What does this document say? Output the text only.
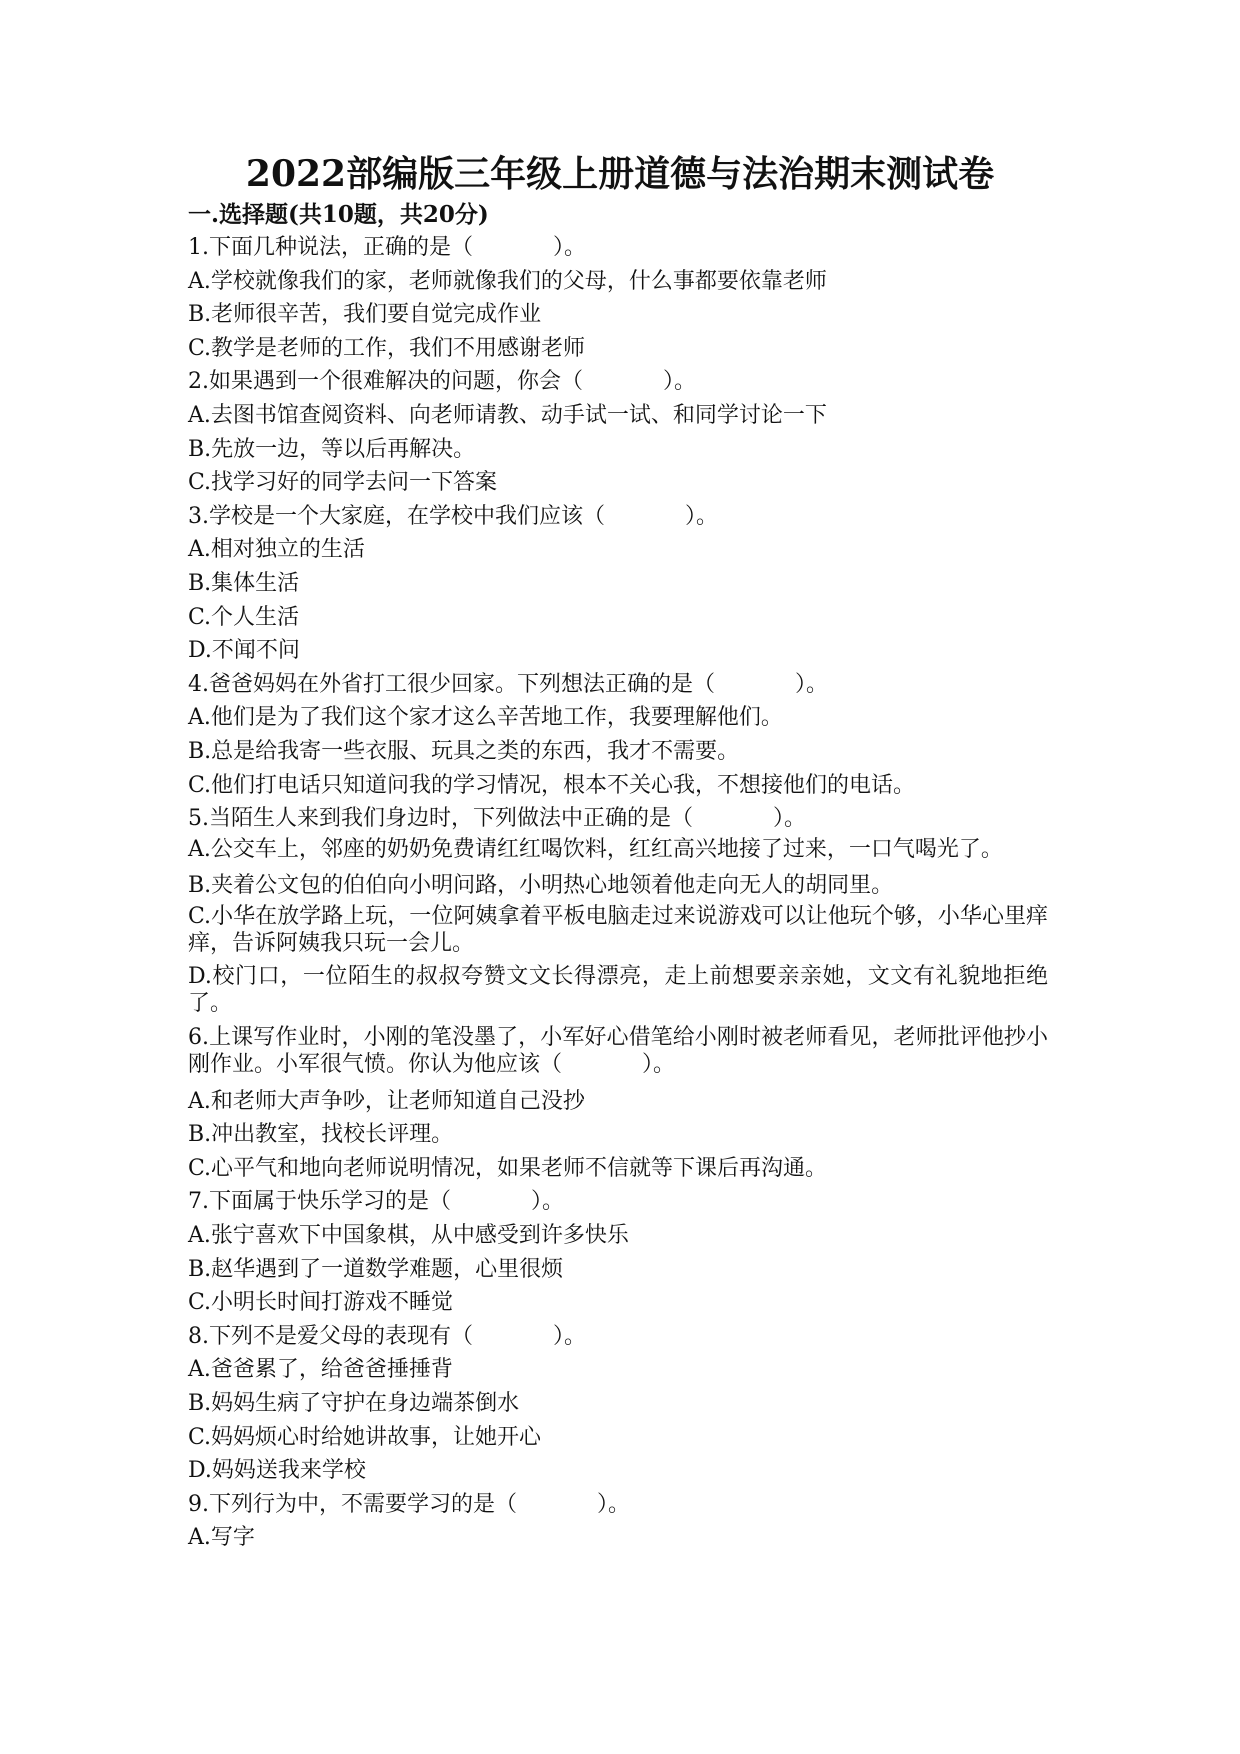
2022部编版三年级上册道德与法治期末测试卷
一.选择题(共10题，共20分)
1.下面几种说法，正确的是（	）。
A.学校就像我们的家，老师就像我们的父母，什么事都要依靠老师
B.老师很辛苦，我们要自觉完成作业
C.教学是老师的工作，我们不用感谢老师
2.如果遇到一个很难解决的问题，你会（	）。
A.去图书馆查阅资料、向老师请教、动手试一试、和同学讨论一下
B.先放一边，等以后再解决。
C.找学习好的同学去问一下答案
3.学校是一个大家庭，在学校中我们应该（	）。
A.相对独立的生活
B.集体生活
C.个人生活
D.不闻不问
4.爸爸妈妈在外省打工很少回家。下列想法正确的是（	）。
A.他们是为了我们这个家才这么辛苦地工作，我要理解他们。
B.总是给我寄一些衣服、玩具之类的东西，我才不需要。
C.他们打电话只知道问我的学习情况，根本不关心我，不想接他们的电话。
5.当陌生人来到我们身边时，下列做法中正确的是（	）。
A.公交车上，邻座的奶奶免费请红红喝饮料，红红高兴地接了过来，一口气喝光了。
B.夹着公文包的伯伯向小明问路，小明热心地领着他走向无人的胡同里。
C.小华在放学路上玩，一位阿姨拿着平板电脑走过来说游戏可以让他玩个够，小华心里痒痒，告诉阿姨我只玩一会儿。
D.校门口，一位陌生的叔叔夸赞文文长得漂亮，走上前想要亲亲她，文文有礼貌地拒绝了。
6.上课写作业时，小刚的笔没墨了，小军好心借笔给小刚时被老师看见，老师批评他抄小刚作业。小军很气愤。你认为他应该（	）。
A.和老师大声争吵，让老师知道自己没抄
B.冲出教室，找校长评理。
C.心平气和地向老师说明情况，如果老师不信就等下课后再沟通。
7.下面属于快乐学习的是（	）。
A.张宁喜欢下中国象棋，从中感受到许多快乐
B.赵华遇到了一道数学难题，心里很烦
C.小明长时间打游戏不睡觉
8.下列不是爱父母的表现有（	）。
A.爸爸累了，给爸爸捶捶背
B.妈妈生病了守护在身边端茶倒水
C.妈妈烦心时给她讲故事，让她开心
D.妈妈送我来学校
9.下列行为中，不需要学习的是（	）。
A.写字
